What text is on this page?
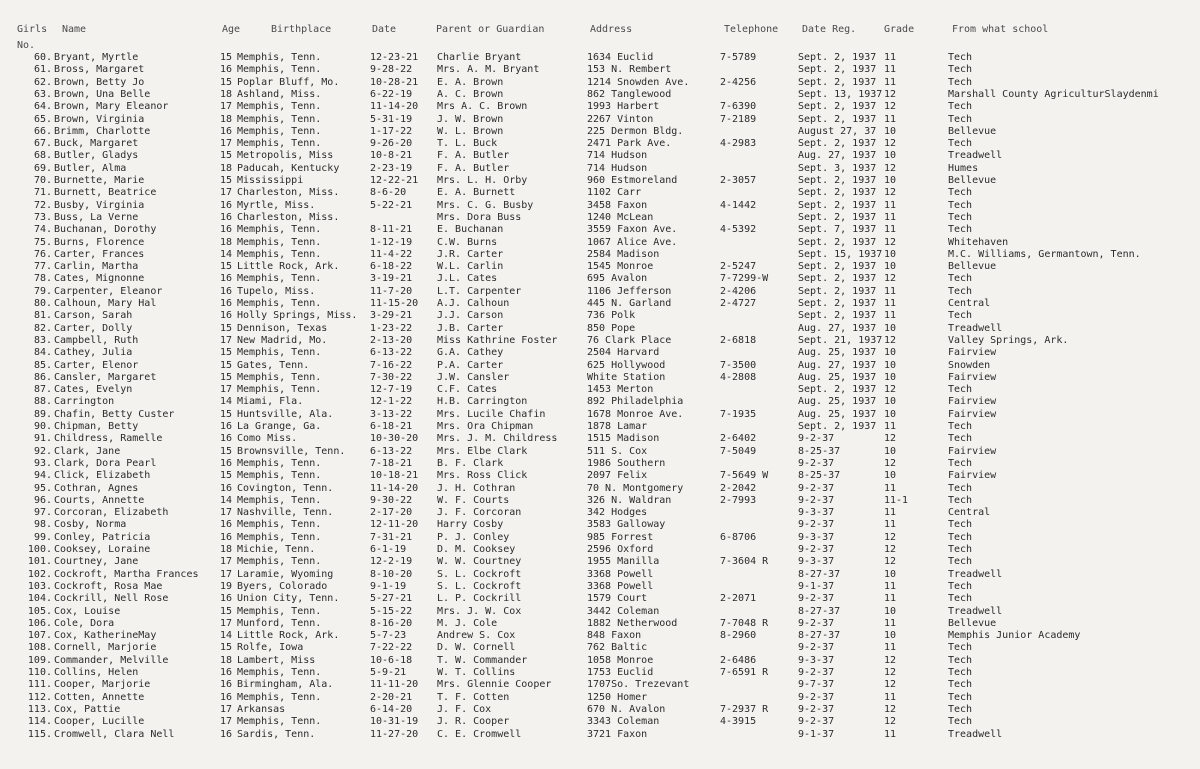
Girls Name	Age	Birthplace	Date	Parent or Guardian	Address	Telephone Date Reg.	Grade	From what school
No.
60. Bryant, Myrtle	15 Memphis, Tenn.	12-23-21 Charlie Bryant	1634 Euclid	7-5789	Sept. 2, 1937 11	Tech
61. Bross, Margaret	16 Memphis, Tenn.	9-28-22 Mrs. A. M. Bryant	153 N. Rembert	Sept. 2, 1937 11	Tech
62. Brown, Betty Jo	15 Poplar Bluff, Mo.	10-28-21 E. A. Brown	1214 Snowden Ave.	2-4256	Sept. 2, 1937 11	Tech
63. Brown, Una Belle	18 Ashland, Miss.	6-22-19 A. C. Brown	862 Tanglewood	Sept. 13, 1937 12	Marshall County AgriculturSlaydenmi
64. Brown, Mary Eleanor	17 Memphis, Tenn.	11-14-20 Mrs A. C. Brown	1993 Harbert	7-6390	Sept. 2, 1937 12	Tech
65. Brown, Virginia	18 Memphis, Tenn.	5-31-19 J. W. Brown	2267 Vinton	7-2189	Sept. 2, 1937 11	Tech
66. Brimm, Charlotte	16 Memphis, Tenn.	1-17-22 W. L. Brown	225 Dermon Bldg.	August 27, 37 10	Bellevue
67. Buck, Margaret	17 Memphis, Tenn.	9-26-20 T. L. Buck	2471 Park Ave.	4-2983	Sept. 2, 1937 12	Tech
68. Butler, Gladys	15 Metropolis, Miss	10-8-21 F. A. Butler	714 Hudson	Aug. 27, 1937 10	Treadwell
69. Butler, Alma	18 Paducah, Kentucky	2-23-19 F. A. Butler	714 Hudson	Sept. 3, 1937 12	Humes
70. Burnette, Marie	15 Mississippi	12-22-21 Mrs. L. H. Orby	960 Estmoreland	2-3057	Sept. 2, 1937 10	Bellevue
71. Burnett, Beatrice	17 Charleston, Miss.	8-6-20	E. A. Burnett	1102 Carr	Sept. 2, 1937 12	Tech
72. Busby, Virginia	16 Myrtle, Miss.	5-22-21 Mrs. C. G. Busby	3458 Faxon	4-1442	Sept. 2, 1937 11	Tech
73. Buss, La Verne	16 Charleston, Miss.	Mrs. Dora Buss	1240 McLean	Sept. 2, 1937 11	Tech
74. Buchanan, Dorothy	16 Memphis, Tenn.	8-11-21 E. Buchanan	3559 Faxon Ave.	4-5392	Sept. 7, 1937 11	Tech
75. Burns, Florence	18 Memphis, Tenn.	1-12-19 C.W. Burns	1067 Alice Ave.	Sept. 2, 1937 12	Whitehaven
76. Carter, Frances	14 Memphis, Tenn.	11-4-22 J.R. Carter	2584 Madison	Sept. 15, 1937 10	M.C. Williams, Germantown, Tenn.
77. Carlin, Martha	15 Little Rock, Ark.	6-18-22 W.L. Carlin	1545 Monroe	2-5247	Sept. 2, 1937 10	Bellevue
78. Cates, Mignonne	16 Memphis, Tenn.	3-19-21 J.L. Cates	695 Avalon	7-7299-W	Sept. 2, 1937 12	Tech
79. Carpenter, Eleanor	16 Tupelo, Miss.	11-7-20 L.T. Carpenter	1106 Jefferson	2-4206	Sept. 2, 1937 11	Tech
80. Calhoun, Mary Hal	16 Memphis, Tenn.	11-15-20 A.J. Calhoun	445 N. Garland	2-4727	Sept. 2, 1937 11	Central
81. Carson, Sarah	16 Holly Springs, Miss. 3-29-21 J.J. Carson	736 Polk	Sept. 2, 1937 11	Tech
82. Carter, Dolly	15 Dennison, Texas	1-23-22 J.B. Carter	850 Pope	Aug. 27, 1937 10	Treadwell
83. Campbell, Ruth	17 New Madrid, Mo.	2-13-20 Miss Kathrine Foster	76 Clark Place	2-6818	Sept. 21, 1937 12	Valley Springs, Ark.
84. Cathey, Julia	15 Memphis, Tenn.	6-13-22 G.A. Cathey	2504 Harvard	Aug. 25, 1937 10	Fairview
85. Carter, Elenor	15 Gates, Tenn.	7-16-22 P.A. Carter	625 Hollywood	7-3500	Aug. 27, 1937 10	Snowden
86. Cansler, Margaret	15 Memphis, Tenn.	7-30-22 J.W. Cansler	White Station	4-2808	Aug. 25, 1937 10	Fairview
87. Cates, Evelyn	17 Memphis, Tenn.	12-7-19 C.F. Cates	1453 Merton	Sept. 2, 1937 12	Tech
88. Carrington	14 Miami, Fla.	12-1-22 H.B. Carrington	892 Philadelphia	Aug. 25, 1937 10	Fairview
89. Chafin, Betty Custer	15 Huntsville, Ala.	3-13-22 Mrs. Lucile Chafin	1678 Monroe Ave.	7-1935	Aug. 25, 1937 10	Fairview
90. Chipman, Betty	16 La Grange, Ga.	6-18-21 Mrs. Ora Chipman	1878 Lamar	Sept. 2, 1937 11	Tech
91. Childress, Ramelle	16 Como Miss.	10-30-20 Mrs. J. M. Childress	1515 Madison	2-6402	9-2-37	12	Tech
92. Clark, Jane	15 Brownsville, Tenn. 6-13-22 Mrs. Elbe Clark	511 S. Cox	7-5049	8-25-37	10	Fairview
93. Clark, Dora Pearl	16 Memphis, Tenn.	7-18-21 B. F. Clark	1986 Southern	9-2-37	12	Tech
94. Click, Elizabeth	15 Memphis, Tenn.	10-18-21 Mrs. Ross Click	2097 Felix	7-5649 W	8-25-37	10	Fairview
95. Cothran, Agnes	16 Covington, Tenn.	11-14-20 J. H. Cothran	70 N. Montgomery	2-2042	9-2-37	11	Tech
96. Courts, Annette	14 Memphis, Tenn.	9-30-22 W. F. Courts	326 N. Waldran	2-7993	9-2-37	11-1	Tech
97. Corcoran, Elizabeth	17 Nashville, Tenn.	2-17-20 J. F. Corcoran	342 Hodges	9-3-37	11	Central
98. Cosby, Norma	16 Memphis, Tenn.	12-11-20 Harry Cosby	3583 Galloway	9-2-37	11	Tech
99. Conley, Patricia	16 Memphis, Tenn.	7-31-21 P. J. Conley	985 Forrest	6-8706	9-3-37	12	Tech
100. Cooksey, Loraine	18 Michie, Tenn.	6-1-19	D. M. Cooksey	2596 Oxford	9-2-37	12	Tech
101. Courtney, Jane	17 Memphis, Tenn.	12-2-19 W. W. Courtney	1955 Manilla	7-3604 R	9-3-37	12	Tech
102. Cockroft, Martha Frances 17 Laramie, Wyoming	8-10-20 S. L. Cockroft	3368 Powell	8-27-37	10	Treadwell
103. Cockroft, Rosa Mae	19 Byers, Colorado	9-1-19	S. L. Cockroft	3368 Powell	9-1-37	11	Tech
104. Cockrill, Nell Rose	16 Union City, Tenn.	5-27-21 L. P. Cockrill	1579 Court	2-2071	9-2-37	11	Tech
105. Cox, Louise	15 Memphis, Tenn.	5-15-22 Mrs. J. W. Cox	3442 Coleman	8-27-37	10	Treadwell
106. Cole, Dora	17 Munford, Tenn.	8-16-20 M. J. Cole	1882 Netherwood	7-7048 R	9-2-37	11	Bellevue
107. Cox, KatherineMay	14 Little Rock, Ark.	5-7-23	Andrew S. Cox	848 Faxon	8-2960	8-27-37	10	Memphis Junior Academy
108. Cornell, Marjorie	15 Rolfe, Iowa	7-22-22 D. W. Cornell	762 Baltic	9-2-37	11	Tech
109. Commander, Melville	18 Lambert, Miss	10-6-18 T. W. Commander	1058 Monroe	2-6486	9-3-37	12	Tech
110. Collins, Helen	16 Memphis, Tenn.	5-9-21	W. T. Collins	1753 Euclid	7-6591 R	9-2-37	12	Tech
111. Cooper, Marjorie	16 Birmingham, Ala.	11-11-20 Mrs. Glennie Cooper	1707So. Trezevant	9-7-37	12	Tech
112. Cotten, Annette	16 Memphis, Tenn.	2-20-21 T. F. Cotten	1250 Homer	9-2-37	11	Tech
113. Cox, Pattie	17 Arkansas	6-14-20 J. F. Cox	670 N. Avalon	7-2937 R	9-2-37	12	Tech
114. Cooper, Lucille	17 Memphis, Tenn.	10-31-19 J. R. Cooper	3343 Coleman	4-3915	9-2-37	12	Tech
115. Cromwell, Clara Nell	16 Sardis, Tenn.	11-27-20 C. E. Cromwell	3721 Faxon	9-1-37	11	Treadwell
